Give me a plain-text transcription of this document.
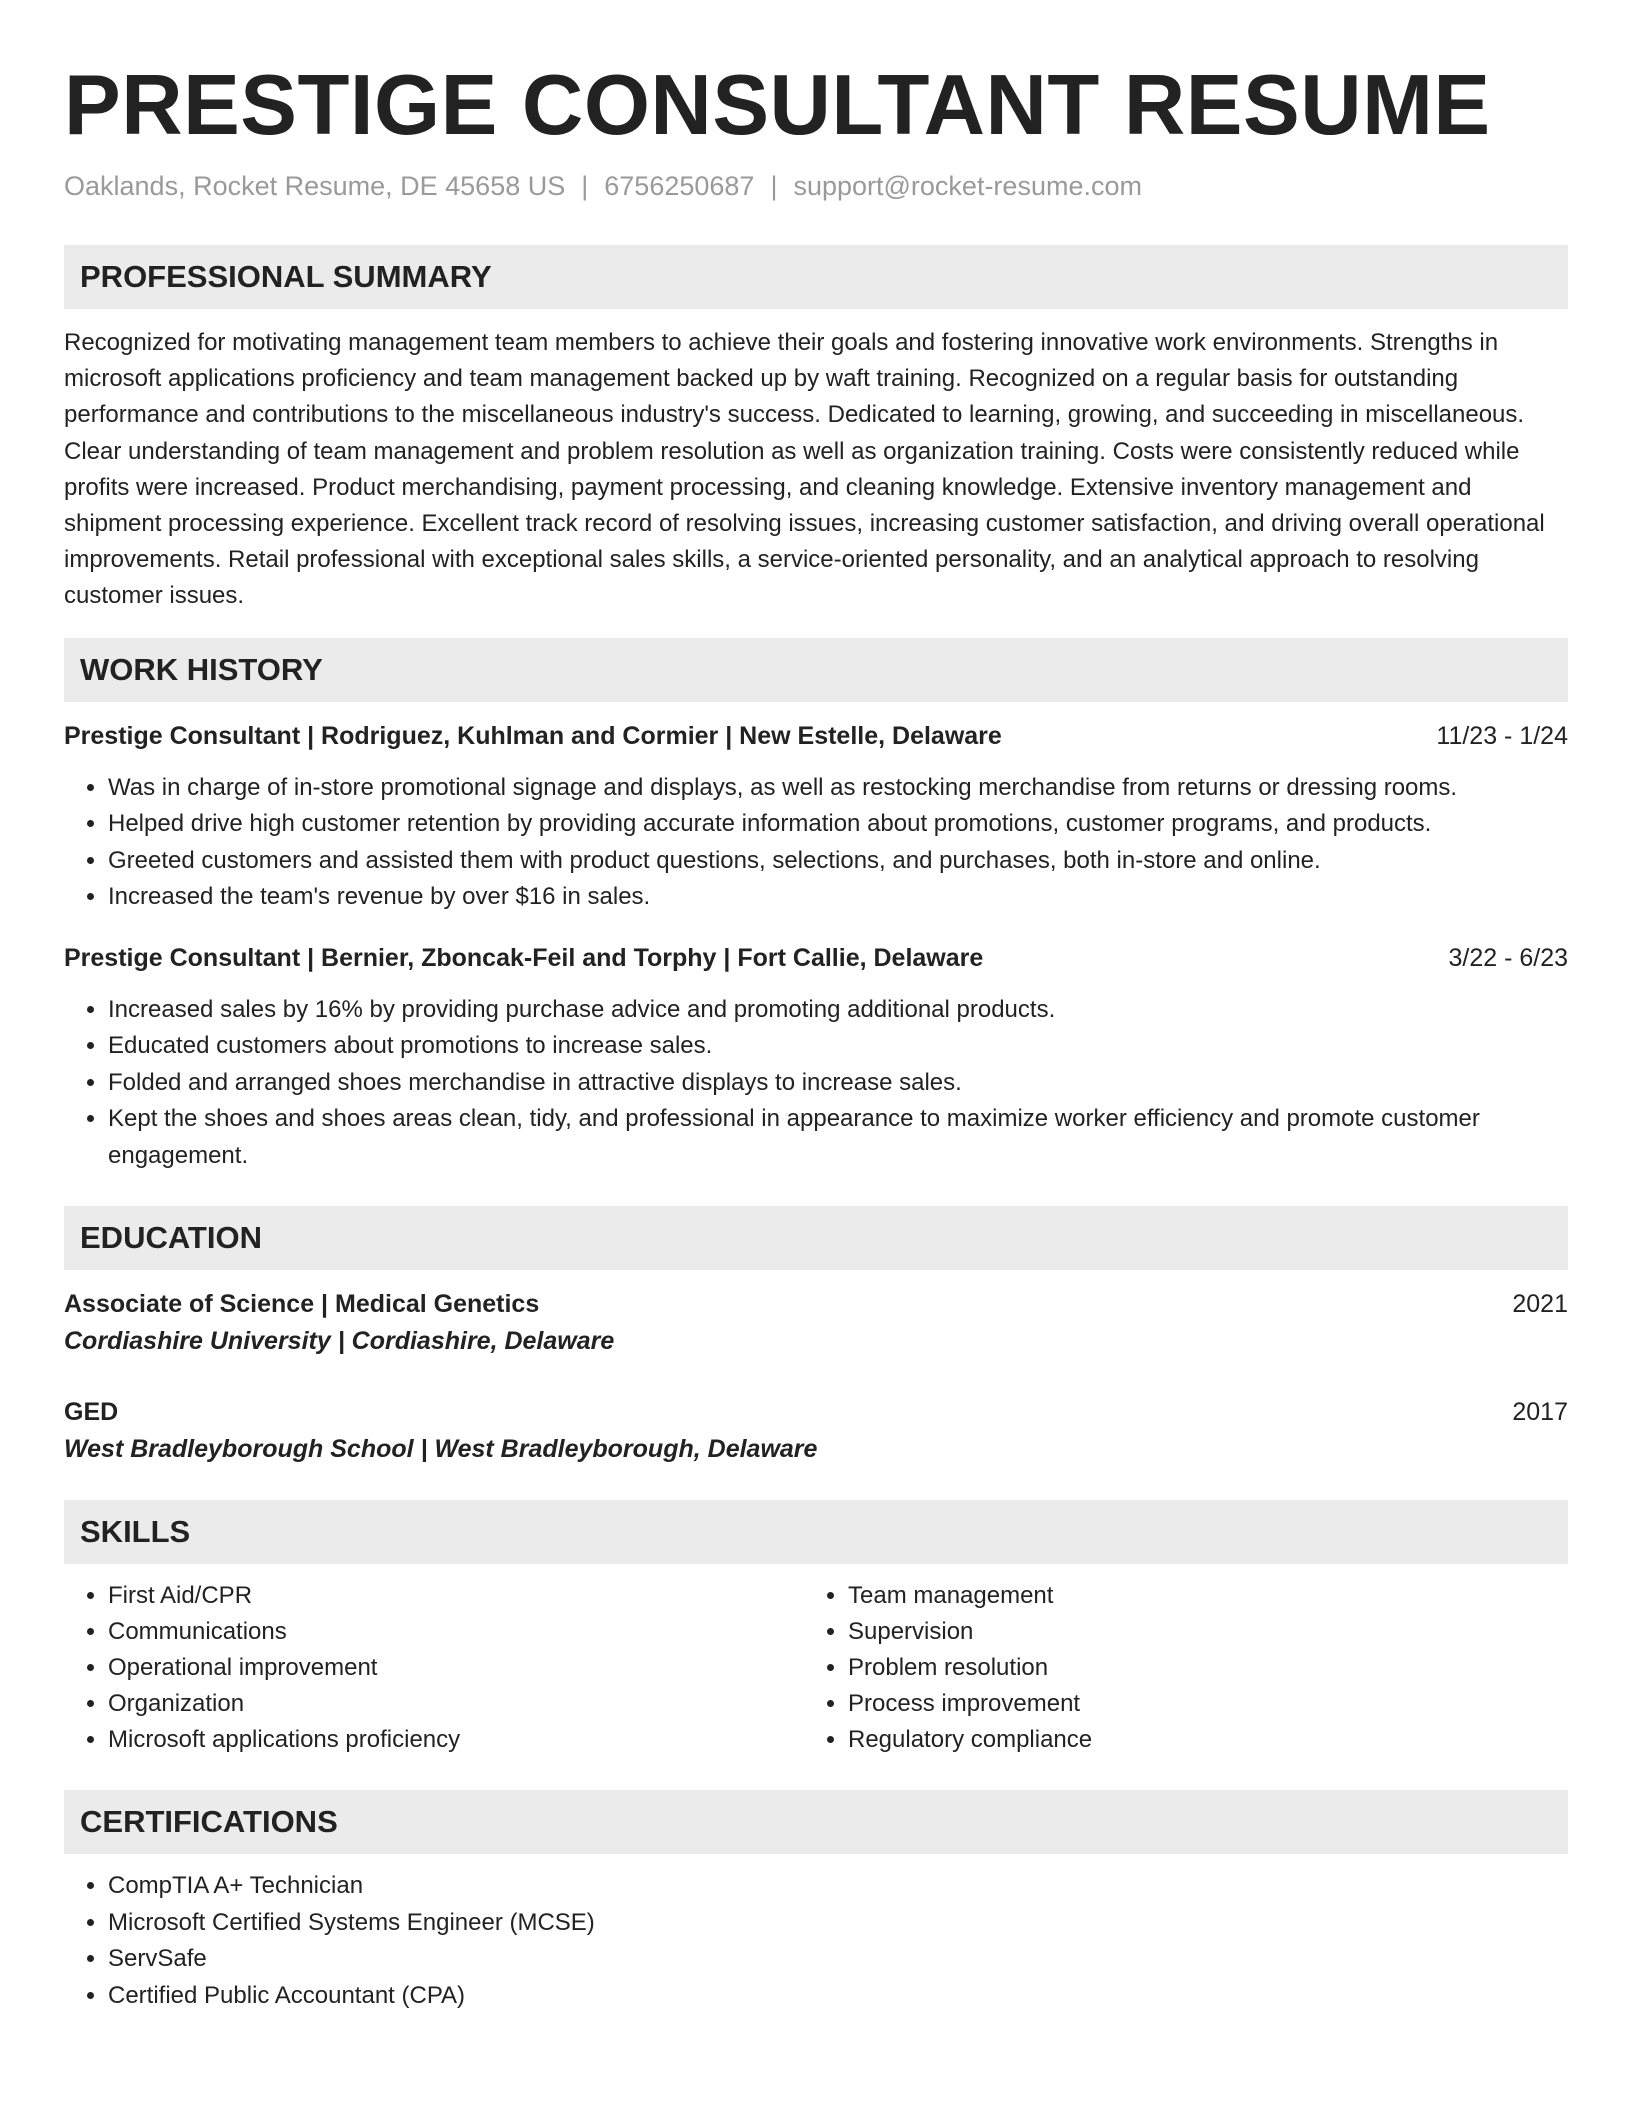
PRESTIGE CONSULTANT RESUME
Oaklands, Rocket Resume, DE 45658 US | 6756250687 | support@rocket-resume.com
PROFESSIONAL SUMMARY
Recognized for motivating management team members to achieve their goals and fostering innovative work environments. Strengths in microsoft applications proficiency and team management backed up by waft training. Recognized on a regular basis for outstanding performance and contributions to the miscellaneous industry's success. Dedicated to learning, growing, and succeeding in miscellaneous. Clear understanding of team management and problem resolution as well as organization training. Costs were consistently reduced while profits were increased. Product merchandising, payment processing, and cleaning knowledge. Extensive inventory management and shipment processing experience. Excellent track record of resolving issues, increasing customer satisfaction, and driving overall operational improvements. Retail professional with exceptional sales skills, a service-oriented personality, and an analytical approach to resolving customer issues.
WORK HISTORY
Prestige Consultant | Rodriguez, Kuhlman and Cormier | New Estelle, Delaware	11/23 - 1/24
• Was in charge of in-store promotional signage and displays, as well as restocking merchandise from returns or dressing rooms.
• Helped drive high customer retention by providing accurate information about promotions, customer programs, and products.
• Greeted customers and assisted them with product questions, selections, and purchases, both in-store and online.
• Increased the team's revenue by over $16 in sales.
Prestige Consultant | Bernier, Zboncak-Feil and Torphy | Fort Callie, Delaware	3/22 - 6/23
• Increased sales by 16% by providing purchase advice and promoting additional products.
• Educated customers about promotions to increase sales.
• Folded and arranged shoes merchandise in attractive displays to increase sales.
• Kept the shoes and shoes areas clean, tidy, and professional in appearance to maximize worker efficiency and promote customer engagement.
EDUCATION
Associate of Science | Medical Genetics	2021
Cordiashire University | Cordiashire, Delaware
GED	2017
West Bradleyborough School | West Bradleyborough, Delaware
SKILLS
• First Aid/CPR
• Communications
• Operational improvement
• Organization
• Microsoft applications proficiency
• Team management
• Supervision
• Problem resolution
• Process improvement
• Regulatory compliance
CERTIFICATIONS
• CompTIA A+ Technician
• Microsoft Certified Systems Engineer (MCSE)
• ServSafe
• Certified Public Accountant (CPA)
